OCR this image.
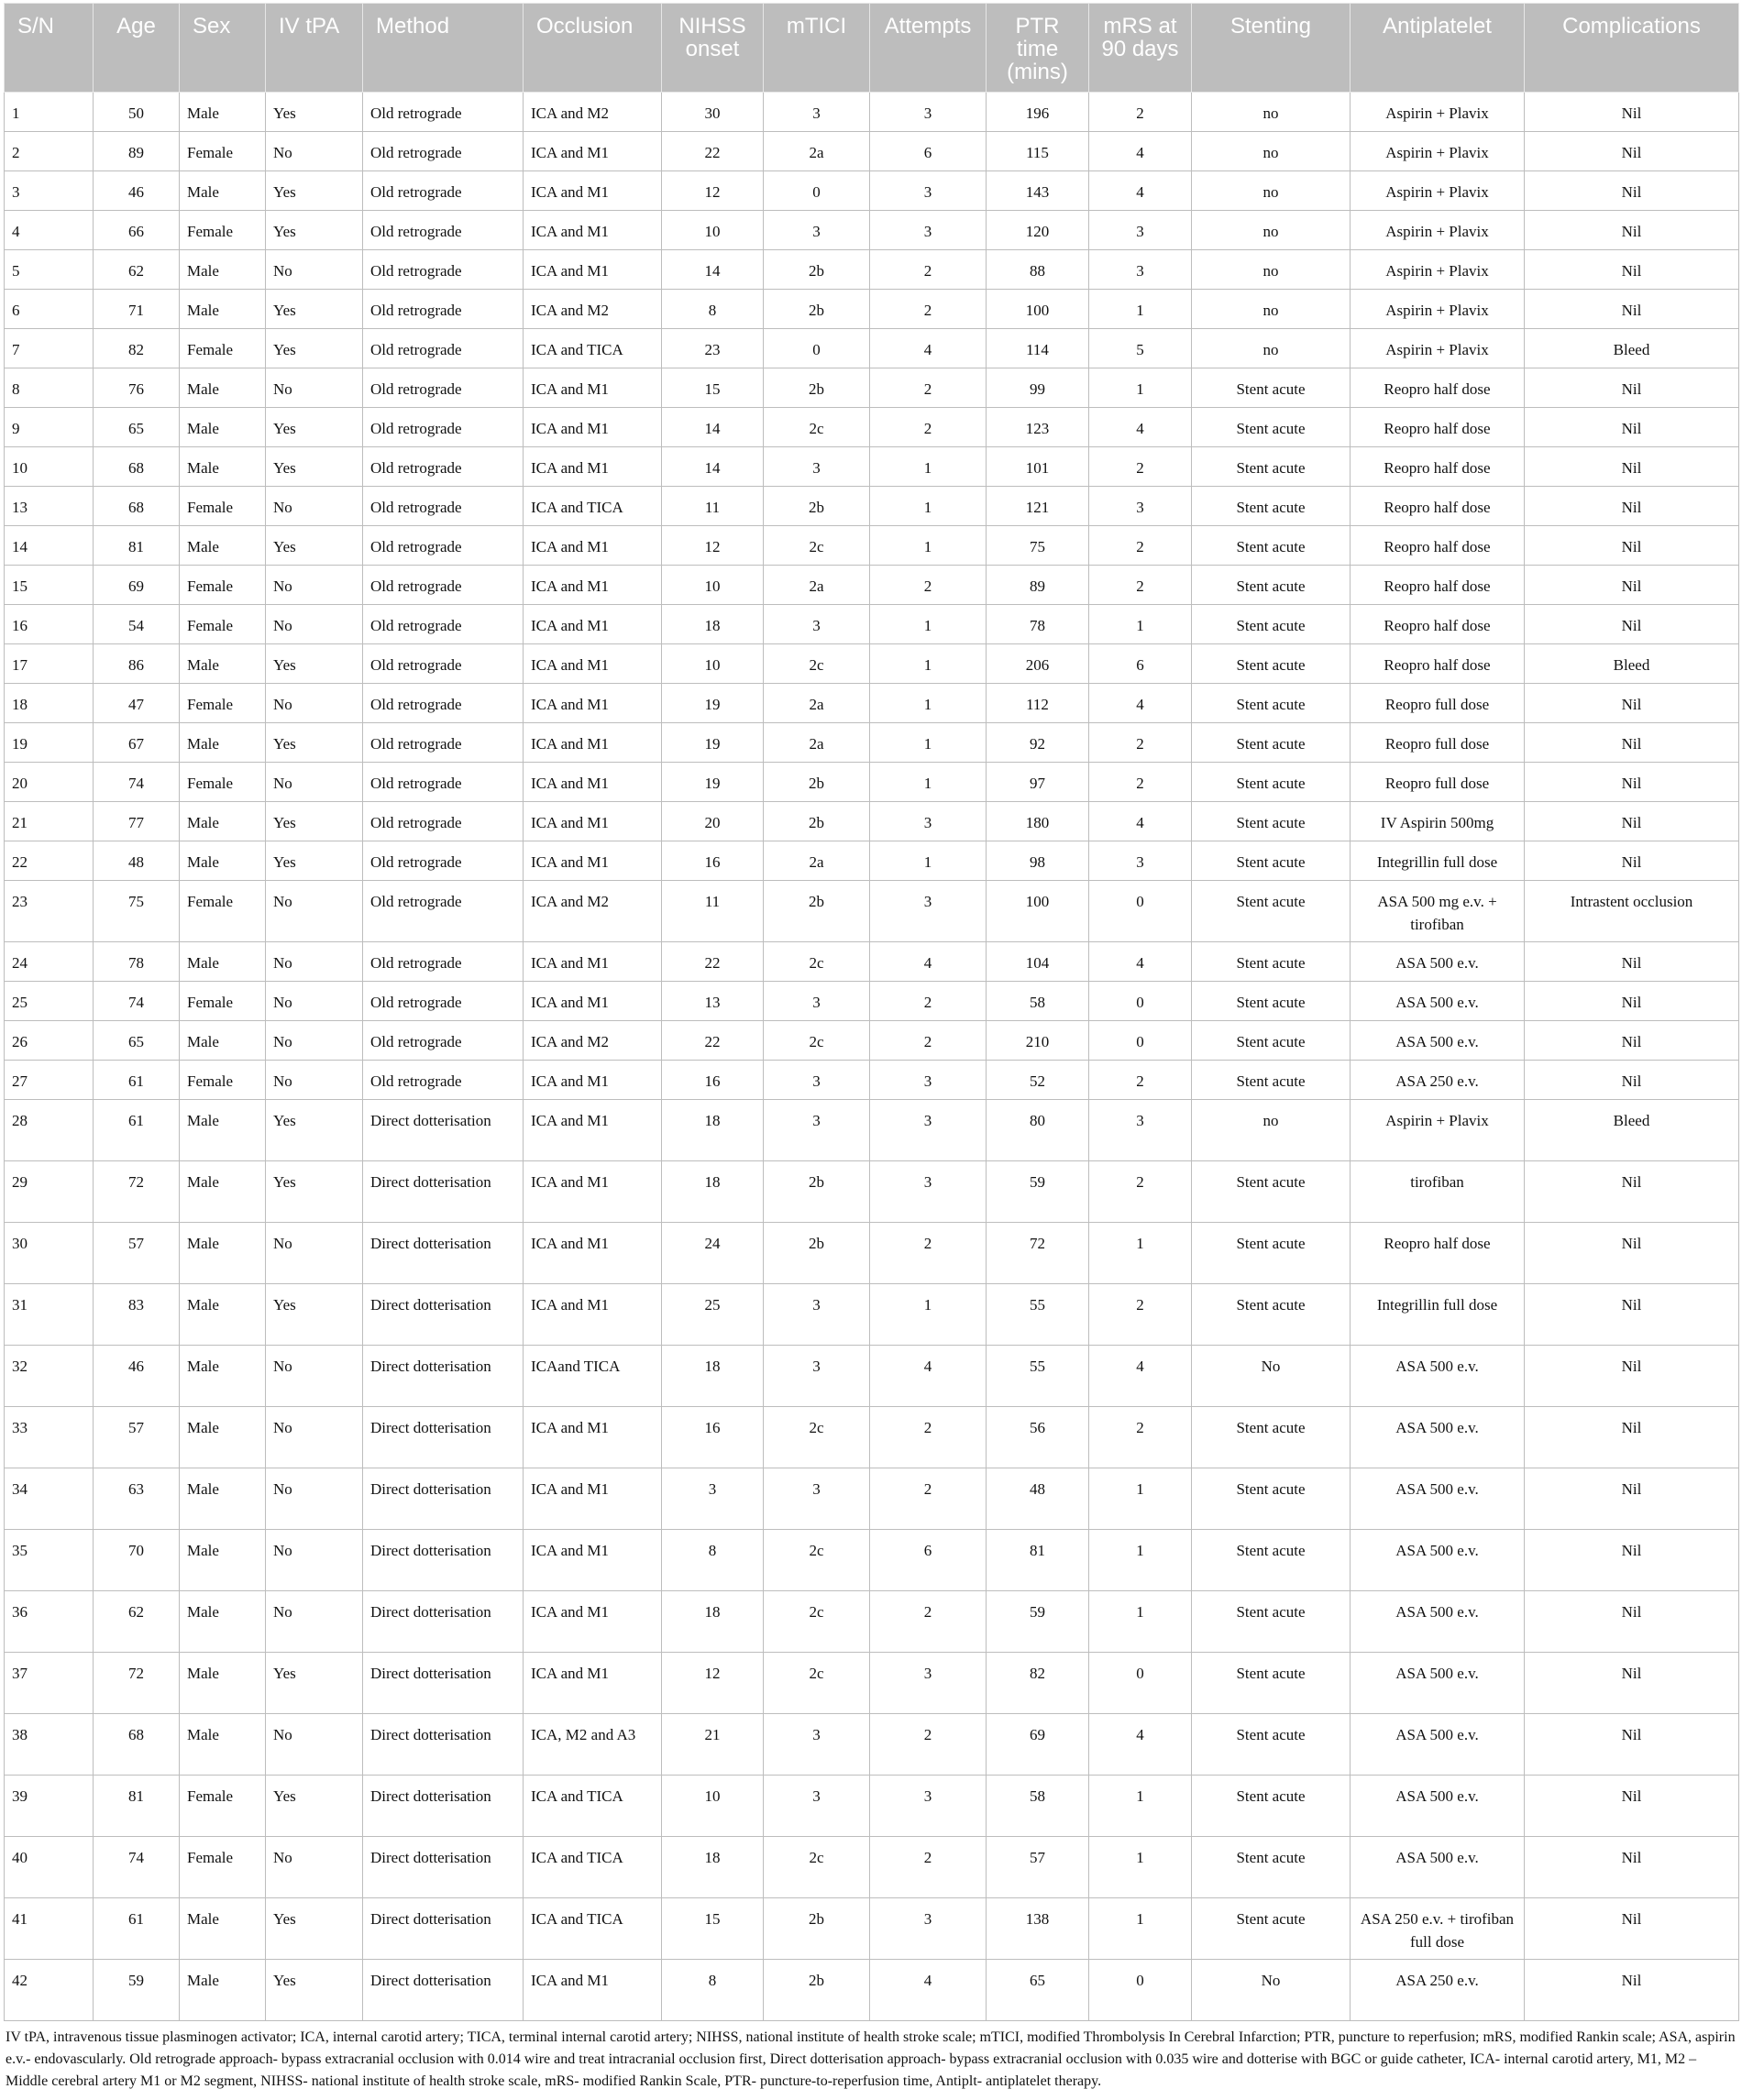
S/N	Age	Sex	IV tPA	Method	Occlusion	NIHSS onset	mTICI	Attempts	PTR time (mins)	mRS at 90 days	Stenting	Antiplatelet	Complications
1	50	Male	Yes	Old retrograde	ICA and M2	30	3	3	196	2	no	Aspirin + Plavix	Nil
2	89	Female	No	Old retrograde	ICA and M1	22	2a	6	115	4	no	Aspirin + Plavix	Nil
3	46	Male	Yes	Old retrograde	ICA and M1	12	0	3	143	4	no	Aspirin + Plavix	Nil
4	66	Female	Yes	Old retrograde	ICA and M1	10	3	3	120	3	no	Aspirin + Plavix	Nil
5	62	Male	No	Old retrograde	ICA and M1	14	2b	2	88	3	no	Aspirin + Plavix	Nil
6	71	Male	Yes	Old retrograde	ICA and M2	8	2b	2	100	1	no	Aspirin + Plavix	Nil
7	82	Female	Yes	Old retrograde	ICA and TICA	23	0	4	114	5	no	Aspirin + Plavix	Bleed
8	76	Male	No	Old retrograde	ICA and M1	15	2b	2	99	1	Stent acute	Reopro half dose	Nil
9	65	Male	Yes	Old retrograde	ICA and M1	14	2c	2	123	4	Stent acute	Reopro half dose	Nil
10	68	Male	Yes	Old retrograde	ICA and M1	14	3	1	101	2	Stent acute	Reopro half dose	Nil
13	68	Female	No	Old retrograde	ICA and TICA	11	2b	1	121	3	Stent acute	Reopro half dose	Nil
14	81	Male	Yes	Old retrograde	ICA and M1	12	2c	1	75	2	Stent acute	Reopro half dose	Nil
15	69	Female	No	Old retrograde	ICA and M1	10	2a	2	89	2	Stent acute	Reopro half dose	Nil
16	54	Female	No	Old retrograde	ICA and M1	18	3	1	78	1	Stent acute	Reopro half dose	Nil
17	86	Male	Yes	Old retrograde	ICA and M1	10	2c	1	206	6	Stent acute	Reopro half dose	Bleed
18	47	Female	No	Old retrograde	ICA and M1	19	2a	1	112	4	Stent acute	Reopro full dose	Nil
19	67	Male	Yes	Old retrograde	ICA and M1	19	2a	1	92	2	Stent acute	Reopro full dose	Nil
20	74	Female	No	Old retrograde	ICA and M1	19	2b	1	97	2	Stent acute	Reopro full dose	Nil
21	77	Male	Yes	Old retrograde	ICA and M1	20	2b	3	180	4	Stent acute	IV Aspirin 500mg	Nil
22	48	Male	Yes	Old retrograde	ICA and M1	16	2a	1	98	3	Stent acute	Integrillin full dose	Nil
23	75	Female	No	Old retrograde	ICA and M2	11	2b	3	100	0	Stent acute	ASA 500 mg e.v. + tirofiban	Intrastent occlusion
24	78	Male	No	Old retrograde	ICA and M1	22	2c	4	104	4	Stent acute	ASA 500 e.v.	Nil
25	74	Female	No	Old retrograde	ICA and M1	13	3	2	58	0	Stent acute	ASA 500 e.v.	Nil
26	65	Male	No	Old retrograde	ICA and M2	22	2c	2	210	0	Stent acute	ASA 500 e.v.	Nil
27	61	Female	No	Old retrograde	ICA and M1	16	3	3	52	2	Stent acute	ASA 250 e.v.	Nil
28	61	Male	Yes	Direct dotterisation	ICA and M1	18	3	3	80	3	no	Aspirin + Plavix	Bleed
29	72	Male	Yes	Direct dotterisation	ICA and M1	18	2b	3	59	2	Stent acute	tirofiban	Nil
30	57	Male	No	Direct dotterisation	ICA and M1	24	2b	2	72	1	Stent acute	Reopro half dose	Nil
31	83	Male	Yes	Direct dotterisation	ICA and M1	25	3	1	55	2	Stent acute	Integrillin full dose	Nil
32	46	Male	No	Direct dotterisation	ICAand TICA	18	3	4	55	4	No	ASA 500 e.v.	Nil
33	57	Male	No	Direct dotterisation	ICA and M1	16	2c	2	56	2	Stent acute	ASA 500 e.v.	Nil
34	63	Male	No	Direct dotterisation	ICA and M1	3	3	2	48	1	Stent acute	ASA 500 e.v.	Nil
35	70	Male	No	Direct dotterisation	ICA and M1	8	2c	6	81	1	Stent acute	ASA 500 e.v.	Nil
36	62	Male	No	Direct dotterisation	ICA and M1	18	2c	2	59	1	Stent acute	ASA 500 e.v.	Nil
37	72	Male	Yes	Direct dotterisation	ICA and M1	12	2c	3	82	0	Stent acute	ASA 500 e.v.	Nil
38	68	Male	No	Direct dotterisation	ICA, M2 and A3	21	3	2	69	4	Stent acute	ASA 500 e.v.	Nil
39	81	Female	Yes	Direct dotterisation	ICA and TICA	10	3	3	58	1	Stent acute	ASA 500 e.v.	Nil
40	74	Female	No	Direct dotterisation	ICA and TICA	18	2c	2	57	1	Stent acute	ASA 500 e.v.	Nil
41	61	Male	Yes	Direct dotterisation	ICA and TICA	15	2b	3	138	1	Stent acute	ASA 250 e.v. + tirofiban full dose	Nil
42	59	Male	Yes	Direct dotterisation	ICA and M1	8	2b	4	65	0	No	ASA 250 e.v.	Nil
IV tPA, intravenous tissue plasminogen activator; ICA, internal carotid artery; TICA, terminal internal carotid artery; NIHSS, national institute of health stroke scale; mTICI, modified Thrombolysis In Cerebral Infarction; PTR, puncture to reperfusion; mRS, modified Rankin scale; ASA, aspirin e.v.- endovascularly. Old retrograde approach- bypass extracranial occlusion with 0.014 wire and treat intracranial occlusion first, Direct dotterisation approach- bypass extracranial occlusion with 0.035 wire and dotterise with BGC or guide catheter, ICA- internal carotid artery, M1, M2 – Middle cerebral artery M1 or M2 segment, NIHSS- national institute of health stroke scale, mRS- modified Rankin Scale, PTR- puncture-to-reperfusion time, Antiplt- antiplatelet therapy.
